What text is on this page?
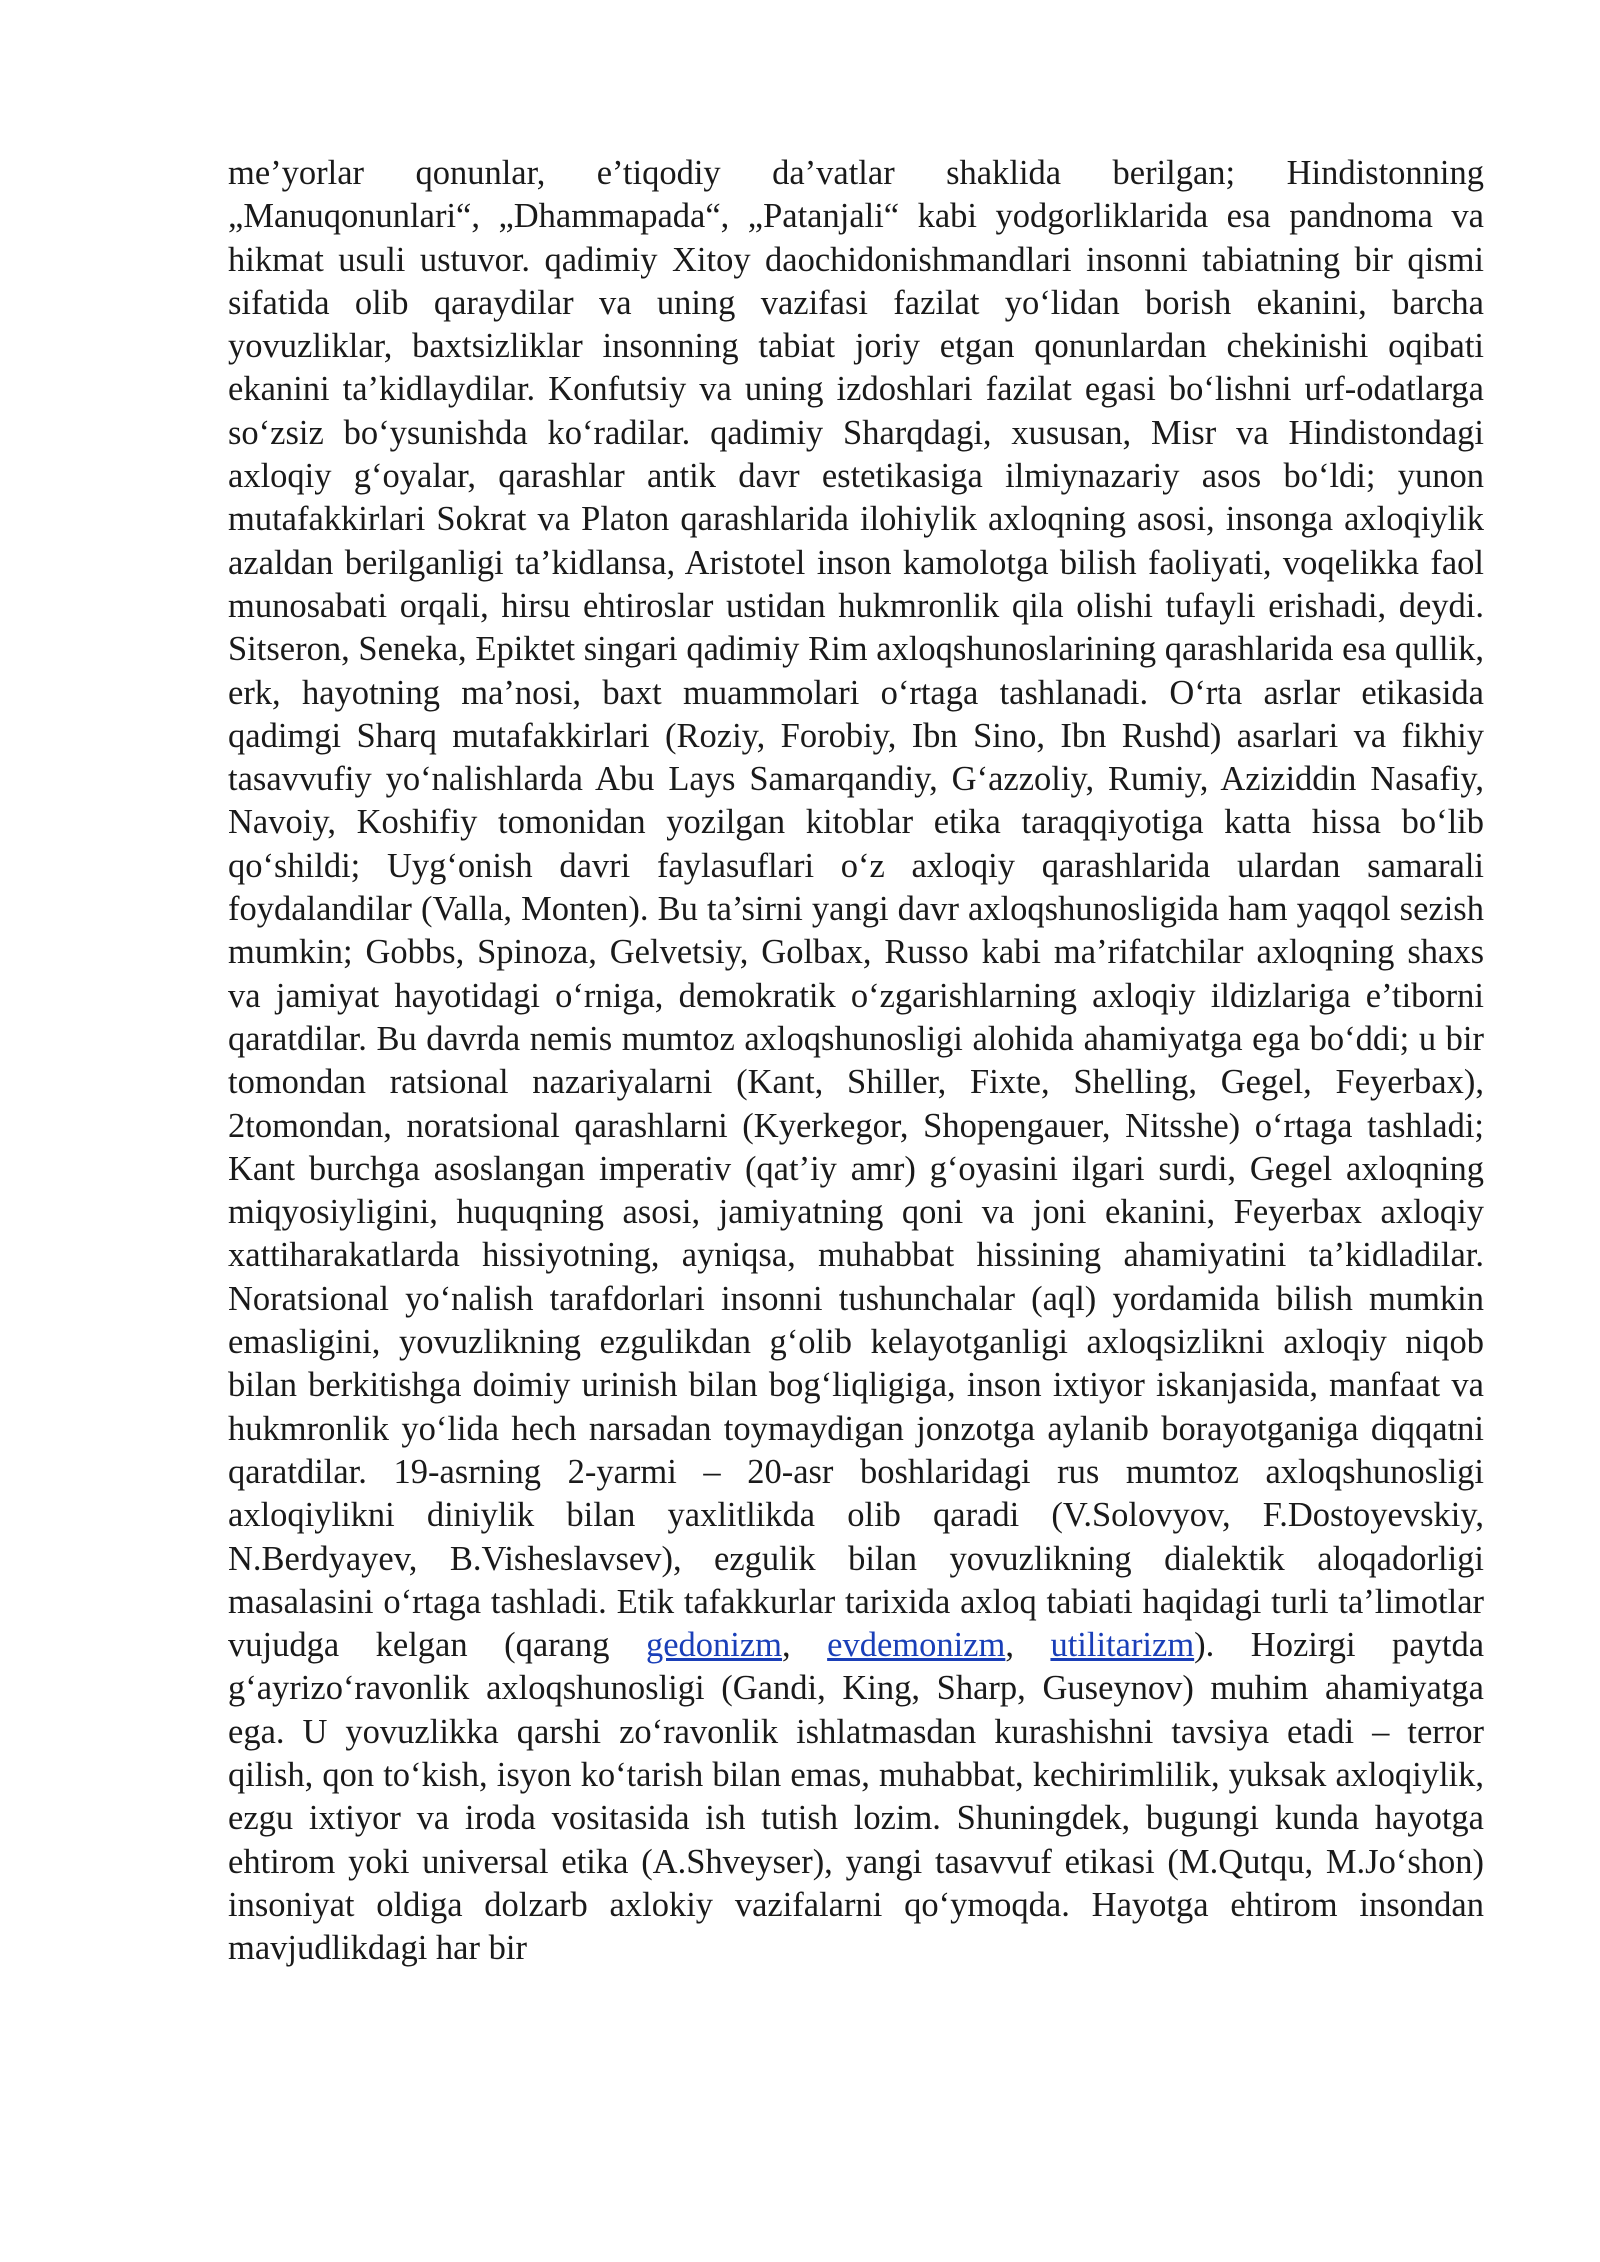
me’yorlar qonunlar, e’tiqodiy da’vatlar shaklida berilgan; Hindistonning „Manuqonunlari“, „Dhammapada“, „Patanjali“ kabi yodgorliklarida esa pandnoma va hikmat usuli ustuvor. qadimiy Xitoy daochidonishmandlari insonni tabiatning bir qismi sifatida olib qaraydilar va uning vazifasi fazilat yo‘lidan borish ekanini, barcha yovuzliklar, baxtsizliklar insonning tabiat joriy etgan qonunlardan chekinishi oqibati ekanini ta’kidlaydilar. Konfutsiy va uning izdoshlari fazilat egasi bo‘lishni urf-odatlarga so‘zsiz bo‘ysunishda ko‘radilar. qadimiy Sharqdagi, xususan, Misr va Hindistondagi axloqiy g‘oyalar, qarashlar antik davr estetikasiga ilmiynazariy asos bo‘ldi; yunon mutafakkirlari Sokrat va Platon qarashlarida ilohiylik axloqning asosi, insonga axloqiylik azaldan berilganligi ta’kidlansa, Aristotel inson kamolotga bilish faoliyati, voqelikka faol munosabati orqali, hirsu ehtiroslar ustidan hukmronlik qila olishi tufayli erishadi, deydi. Sitseron, Seneka, Epiktet singari qadimiy Rim axloqshunoslarining qarashlarida esa qullik, erk, hayotning ma’nosi, baxt muammolari o‘rtaga tashlanadi. O‘rta asrlar etikasida qadimgi Sharq mutafakkirlari (Roziy, Forobiy, Ibn Sino, Ibn Rushd) asarlari va fikhiy tasavvufiy yo‘nalishlarda Abu Lays Samarqandiy, G‘azzoliy, Rumiy, Aziziddin Nasafiy, Navoiy, Koshifiy tomonidan yozilgan kitoblar etika taraqqiyotiga katta hissa bo‘lib qo‘shildi; Uyg‘onish davri faylasuflari o‘z axloqiy qarashlarida ulardan samarali foydalandilar (Valla, Monten). Bu ta’sirni yangi davr axloqshunosligida ham yaqqol sezish mumkin; Gobbs, Spinoza, Gelvetsiy, Golbax, Russo kabi ma’rifatchilar axloqning shaxs va jamiyat hayotidagi o‘rniga, demokratik o‘zgarishlarning axloqiy ildizlariga e’tiborni qaratdilar. Bu davrda nemis mumtoz axloqshunosligi alohida ahamiyatga ega bo‘ddi; u bir tomondan ratsional nazariyalarni (Kant, Shiller, Fixte, Shelling, Gegel, Feyerbax), 2tomondan, noratsional qarashlarni (Kyerkegor, Shopengauer, Nitsshe) o‘rtaga tashladi; Kant burchga asoslangan imperativ (qat’iy amr) g‘oyasini ilgari surdi, Gegel axloqning miqyosiyligini, huquqning asosi, jamiyatning qoni va joni ekanini, Feyerbax axloqiy xattiharakatlarda hissiyotning, ayniqsa, muhabbat hissining ahamiyatini ta’kidladilar. Noratsional yo‘nalish tarafdorlari insonni tushunchalar (aql) yordamida bilish mumkin emasligini, yovuzlikning ezgulikdan g‘olib kelayotganligi axloqsizlikni axloqiy niqob bilan berkitishga doimiy urinish bilan bog‘liqligiga, inson ixtiyor iskanjasida, manfaat va hukmronlik yo‘lida hech narsadan toymaydigan jonzotga aylanib borayotganiga diqqatni qaratdilar. 19-asrning 2-yarmi – 20-asr boshlaridagi rus mumtoz axloqshunosligi axloqiylikni diniylik bilan yaxlitlikda olib qaradi (V.Solovyov, F.Dostoyevskiy, N.Berdyayev, B.Visheslavsev), ezgulik bilan yovuzlikning dialektik aloqadorligi masalasini o‘rtaga tashladi. Etik tafakkurlar tarixida axloq tabiati haqidagi turli ta’limotlar vujudga kelgan (qarang gedonizm, evdemonizm, utilitarizm). Hozirgi paytda g‘ayrizo‘ravonlik axloqshunosligi (Gandi, King, Sharp, Guseynov) muhim ahamiyatga ega. U yovuzlikka qarshi zo‘ravonlik ishlatmasdan kurashishni tavsiya etadi – terror qilish, qon to‘kish, isyon ko‘tarish bilan emas, muhabbat, kechirimlilik, yuksak axloqiylik, ezgu ixtiyor va iroda vositasida ish tutish lozim. Shuningdek, bugungi kunda hayotga ehtirom yoki universal etika (A.Shveyser), yangi tasavvuf etikasi (M.Qutqu, M.Jo‘shon) insoniyat oldiga dolzarb axlokiy vazifalarni qo‘ymoqda. Hayotga ehtirom insondan mavjudlikdagi har bir
